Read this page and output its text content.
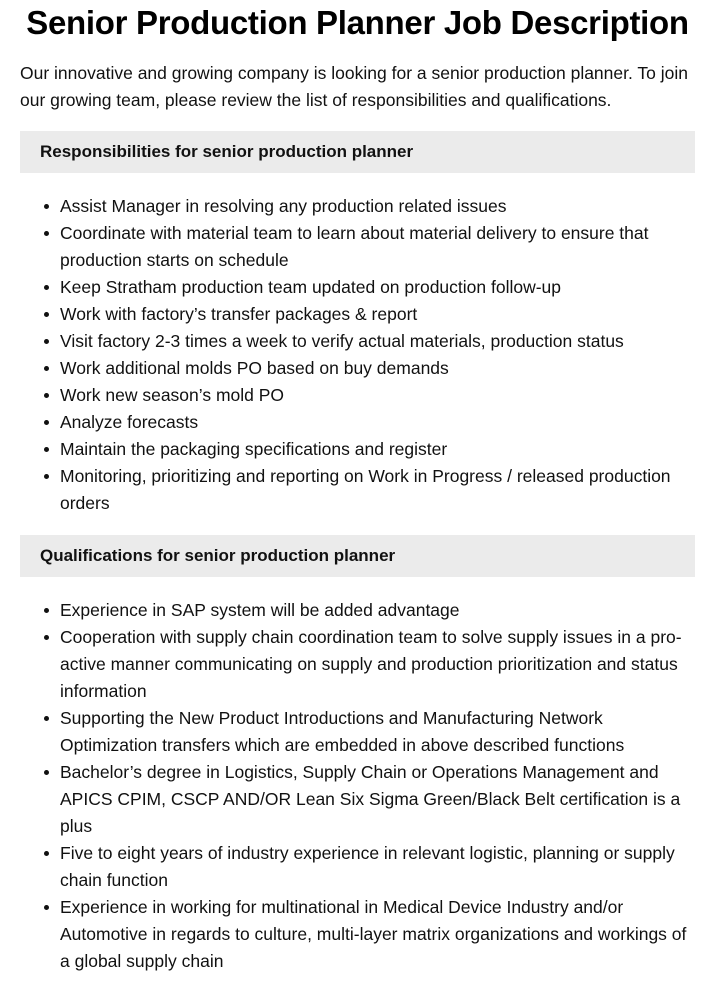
Senior Production Planner Job Description

Our innovative and growing company is looking for a senior production planner. To join our growing team, please review the list of responsibilities and qualifications.

Responsibilities for senior production planner
Assist Manager in resolving any production related issues
Coordinate with material team to learn about material delivery to ensure that production starts on schedule
Keep Stratham production team updated on production follow-up
Work with factory’s transfer packages & report
Visit factory 2-3 times a week to verify actual materials, production status
Work additional molds PO based on buy demands
Work new season’s mold PO
Analyze forecasts
Maintain the packaging specifications and register
Monitoring, prioritizing and reporting on Work in Progress / released production orders
Qualifications for senior production planner
Experience in SAP system will be added advantage
Cooperation with supply chain coordination team to solve supply issues in a pro-active manner communicating on supply and production prioritization and status information
Supporting the New Product Introductions and Manufacturing Network Optimization transfers which are embedded in above described functions
Bachelor’s degree in Logistics, Supply Chain or Operations Management and APICS CPIM, CSCP AND/OR Lean Six Sigma Green/Black Belt certification is a plus
Five to eight years of industry experience in relevant logistic, planning or supply chain function
Experience in working for multinational in Medical Device Industry and/or Automotive in regards to culture, multi-layer matrix organizations and workings of a global supply chain
